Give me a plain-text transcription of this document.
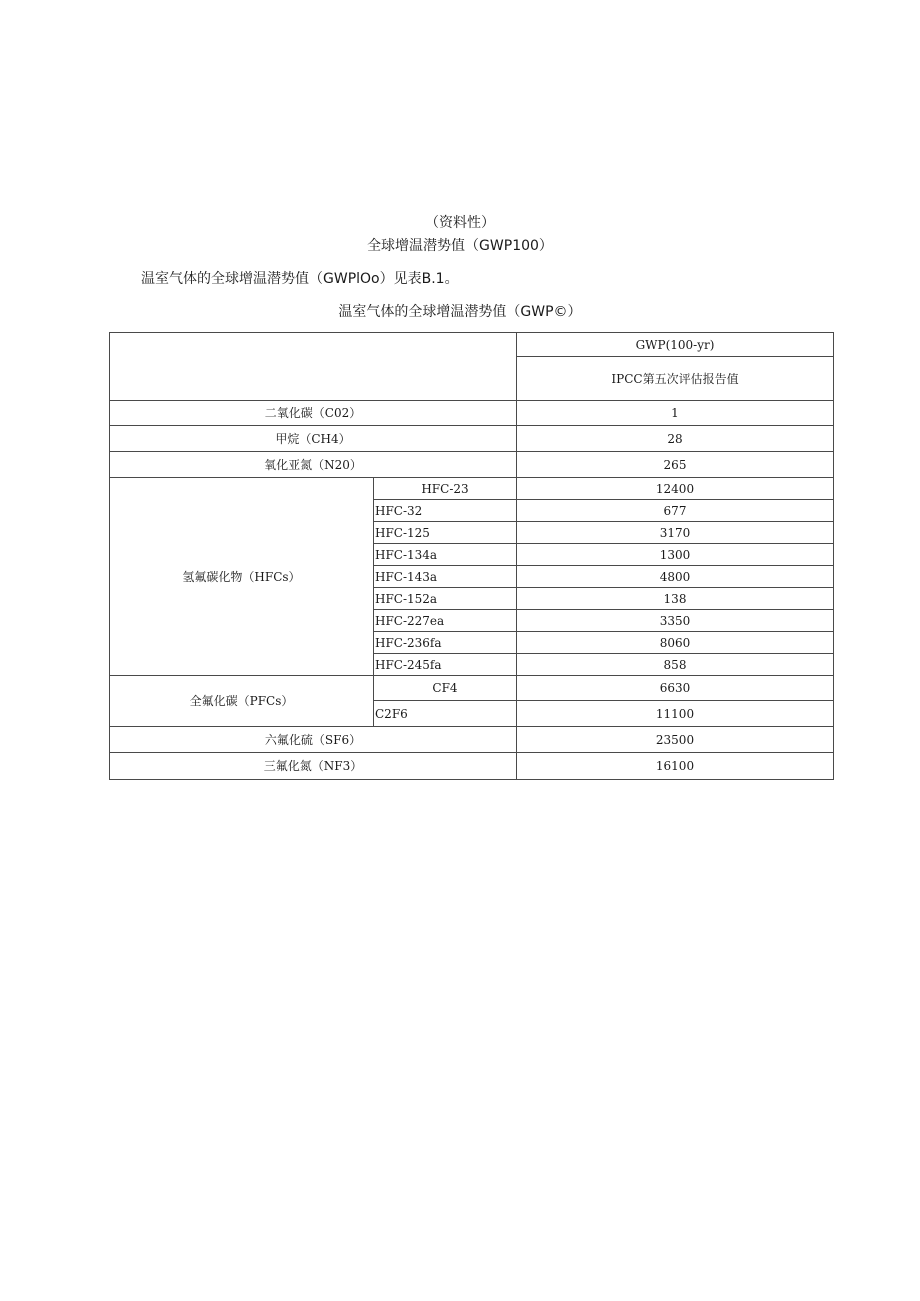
（资料性）
全球增温潜势值（GWP100）
温室气体的全球增温潜势值（GWPlOo）见表B.1。
温室气体的全球增温潜势值（GWP©）
		GWP(100-yr)
		IPCC第五次评估报告值
二氧化碳（C02）		1
甲烷（CH4）		28
氧化亚氮（N20）		265
氢氟碳化物（HFCs）	HFC-23	12400
	HFC-32	677
	HFC-125	3170
	HFC-134a	1300
	HFC-143a	4800
	HFC-152a	138
	HFC-227ea	3350
	HFC-236fa	8060
	HFC-245fa	858
全氟化碳（PFCs）	CF4	6630
	C2F6	11100
六氟化硫（SF6）		23500
三氟化氮（NF3）		16100
